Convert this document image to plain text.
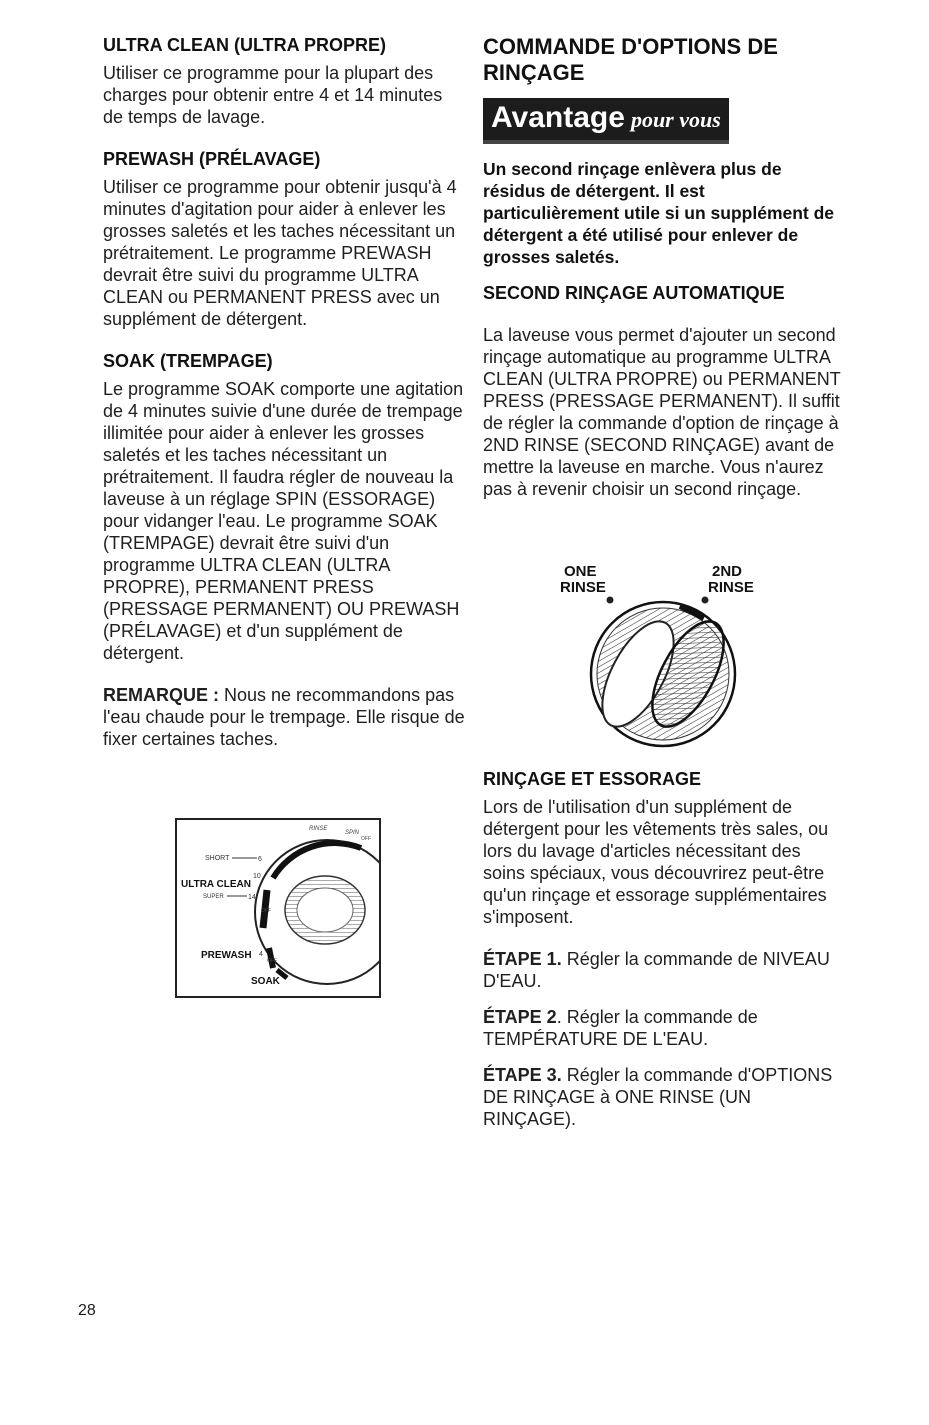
ULTRA CLEAN (ULTRA PROPRE)

Utiliser ce programme pour la plupart des charges pour obtenir entre 4 et 14 minutes de temps de lavage.

PREWASH (PRÉLAVAGE)

Utiliser ce programme pour obtenir jusqu'à 4 minutes d'agitation pour aider à enlever les grosses saletés et les taches nécessitant un prétraitement. Le programme PREWASH devrait être suivi du programme ULTRA CLEAN ou PERMANENT PRESS avec un supplément de détergent.

SOAK (TREMPAGE)

Le programme SOAK comporte une agitation de 4 minutes suivie d'une durée de trempage illimitée pour aider à enlever les grosses saletés et les taches nécessitant un prétraitement. Il faudra régler de nouveau la laveuse à un réglage SPIN (ESSORAGE) pour vidanger l'eau. Le programme SOAK (TREMPAGE) devrait être suivi d'un programme ULTRA CLEAN (ULTRA PROPRE), PERMANENT PRESS (PRESSAGE PERMANENT) OU PREWASH (PRÉLAVAGE) et d'un supplément de détergent.

REMARQUE : Nous ne recommandons pas l'eau chaude pour le trempage. Elle risque de fixer certaines taches.

RINSE
SPIN
OFF
SHORT	6
10
ULTRA CLEAN
SUPER	14
OFF
PREWASH 4
OFF
SOAK
COMMANDE D'OPTIONS DE
RINÇAGE
Avantage pour vous

Un second rinçage enlèvera plus de résidus de détergent. Il est particulièrement utile si un supplément de détergent a été utilisé pour enlever de grosses saletés.

SECOND RINÇAGE AUTOMATIQUE

La laveuse vous permet d'ajouter un second rinçage automatique au programme ULTRA CLEAN (ULTRA PROPRE) ou PERMANENT PRESS (PRESSAGE PERMANENT). Il suffit de régler la commande d'option de rinçage à 2ND RINSE (SECOND RINÇAGE) avant de mettre la laveuse en marche. Vous n'aurez pas à revenir choisir un second rinçage.

ONE
RINSE
2ND
RINSE
RINÇAGE ET ESSORAGE

Lors de l'utilisation d'un supplément de détergent pour les vêtements très sales, ou lors du lavage d'articles nécessitant des soins spéciaux, vous découvrirez peut-être qu'un rinçage et essorage supplémentaires s'imposent.

ÉTAPE 1. Régler la commande de NIVEAU D'EAU.

ÉTAPE 2. Régler la commande de TEMPÉRATURE DE L'EAU.

ÉTAPE 3. Régler la commande d'OPTIONS DE RINÇAGE à ONE RINSE (UN RINÇAGE).

28
